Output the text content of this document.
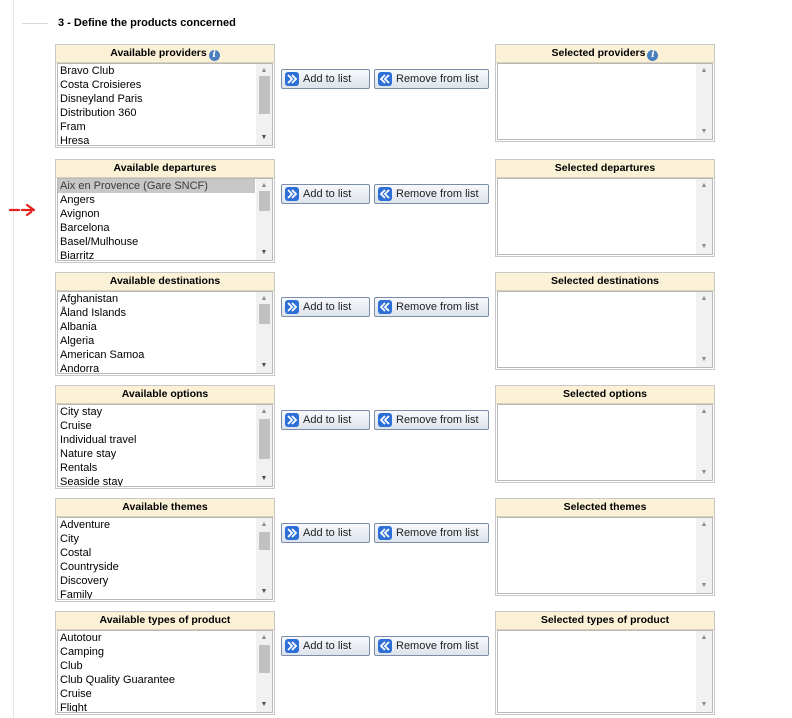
3 - Define the products concerned
Available providers i
Bravo Club
Costa Croisieres
Disneyland Paris
Distribution 360
Fram
Hresa
▲
▼
Add to list	Remove from list
Selected providers i
▲
▼
Available departures
Aix en Provence (Gare SNCF)
Angers
Avignon
Barcelona
Basel/Mulhouse
Biarritz
▲
▼
Add to list	Remove from list
Selected departures
▲
▼
Available destinations
Afghanistan
Åland Islands
Albania
Algeria
American Samoa
Andorra
▲
▼
Add to list	Remove from list
Selected destinations
▲
▼
Available options
City stay
Cruise
Individual travel
Nature stay
Rentals
Seaside stay
▲
▼
Add to list	Remove from list
Selected options
▲
▼
Available themes
Adventure
City
Costal
Countryside
Discovery
Family
▲
▼
Add to list	Remove from list
Selected themes
▲
▼
Available types of product
Autotour
Camping
Club
Club Quality Guarantee
Cruise
Flight
▲
▼
Add to list	Remove from list
Selected types of product
▲
▼
